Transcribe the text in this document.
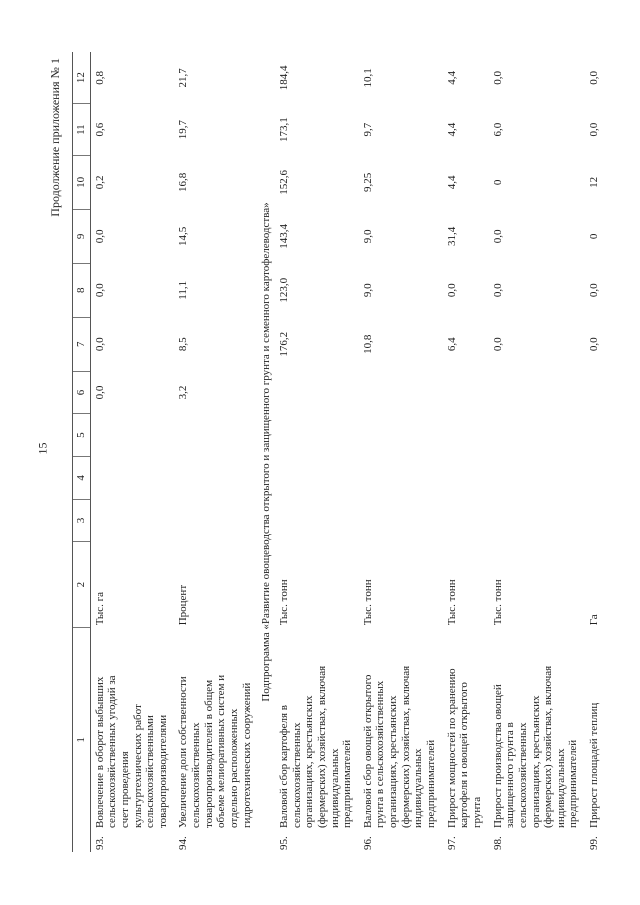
15
Продолжение приложения № 1
1	2	3	4	5	6	7	8	9	10	11	12
93.Вовлечение в оборот выбывших сельскохозяйственных угодий за счет проведения культуртехнических работ сельскохозяйственными товаропроизводителями	Тыс. га				0,0	0,0	0,0	0,0	0,2	0,6	0,8
94.Увеличение доли собственности сельскохозяйственных товаропроизводителей в общем объеме мелиоративных систем и отдельно расположенных гидротехнических сооружений	Процент				3,2	8,5	11,1	14,5	16,8	19,7	21,7
Подпрограмма «Развитие овощеводства открытого и защищенного грунта и семенного картофелеводства»											
95.Валовой сбор картофеля в сельскохозяйственных организациях, крестьянских (фермерских) хозяйствах, включая индивидуальных предпринимателей	Тыс. тонн					176,2	123,0	143,4	152,6	173,1	184,4
96.Валовой сбор овощей открытого грунта в сельскохозяйственных организациях, крестьянских (фермерских) хозяйствах, включая индивидуальных предпринимателей	Тыс. тонн					10,8	9,0	9,0	9,25	9,7	10,1
97.Прирост мощностей по хранению картофеля и овощей открытого грунта	Тыс. тонн					6,4	0,0	31,4	4,4	4,4	4,4
98.Прирост производства овощей защищенного грунта в сельскохозяйственных организациях, крестьянских (фермерских) хозяйствах, включая индивидуальных предпринимателей	Тыс. тонн					0,0	0,0	0,0	0	6,0	0,0
99.Прирост площадей теплиц	Га					0,0	0,0	0	12	0,0	0,0
